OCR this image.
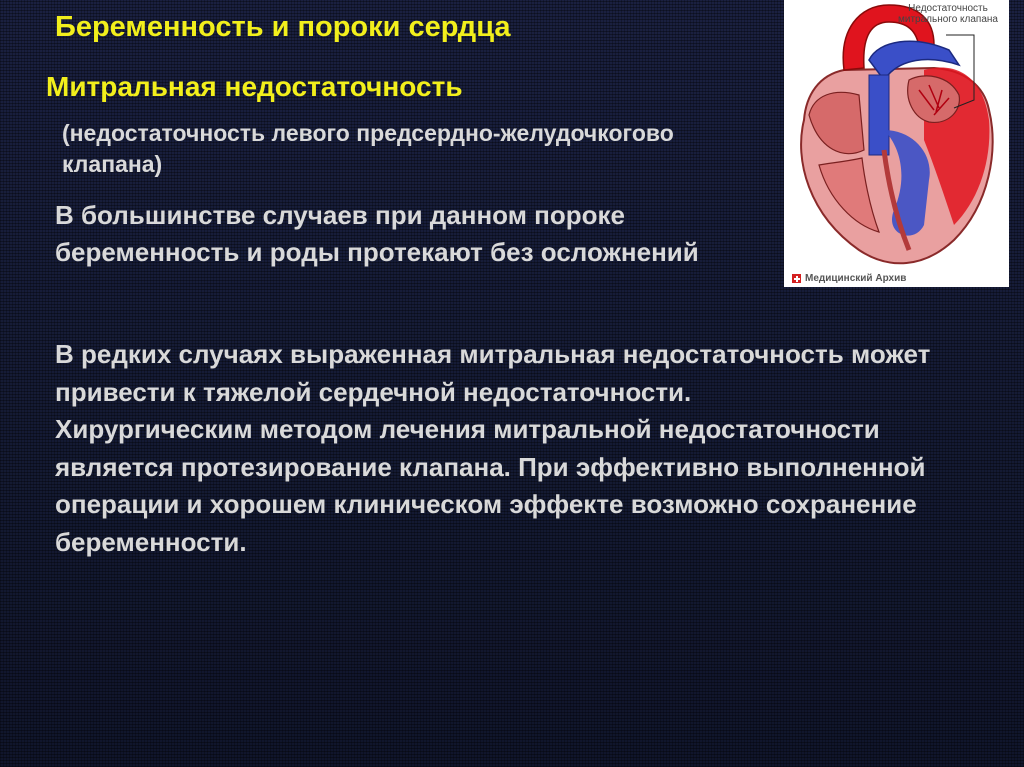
Беременность и пороки сердца
Митральная недостаточность
(недостаточность левого предсердно-желудочкогово клапана)
В большинстве случаев при данном пороке беременность и роды протекают без осложнений

В редких случаях выраженная митральная недостаточность может привести к тяжелой сердечной недостаточности.

Хирургическим методом лечения митральной недостаточности является протезирование клапана. При эффективно выполненной операции и хорошем клиническом эффекте возможно сохранение беременности.

Недостаточность митрального клапана
Медицинский Архив
